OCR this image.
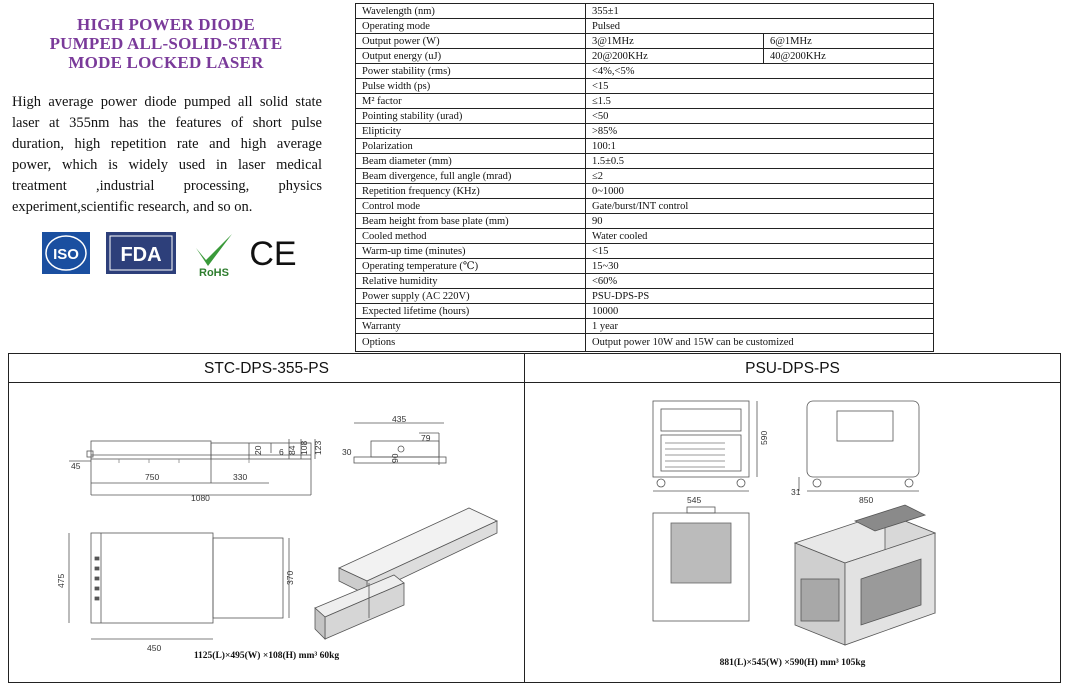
HIGH POWER DIODE
PUMPED ALL-SOLID-STATE
MODE LOCKED LASER
High average power diode pumped all solid state laser at 355nm has the features of short pulse duration, high repetition rate and high average power, which is widely used in laser medical treatment ,industrial processing, physics experiment,scientific research, and so on.
ISO FDA
RoHS CE
Wavelength (nm)	355±1	
Operating mode	Pulsed	
Output power (W)	3@1MHz	6@1MHz
Output energy (uJ)	20@200KHz	40@200KHz
Power stability (rms)	<4%,<5%	
Pulse width (ps)	<15	
M² factor	≤1.5	
Pointing stability (urad)	<50	
Elipticity	>85%	
Polarization	100:1	
Beam diameter (mm)	1.5±0.5	
Beam divergence, full angle (mrad)	≤2	
Repetition frequency (KHz)	0~1000	
Control mode	Gate/burst/INT control	
Beam height from base plate (mm)	90	
Cooled method	Water cooled	
Warm-up time (minutes)	<15	
Operating temperature (℃)	15~30	
Relative humidity	<60%	
Power supply (AC 220V)	PSU-DPS-PS	
Expected lifetime (hours)	10000	
Warranty	1 year	
Options	Output power 10W and 15W can be customized	
STC-DPS-355-PS
45
750	330
1080
20 6 84 108 123
435
79
30
90
475	370
450
1125(L)×495(W) ×108(H) mm³ 60kg
PSU-DPS-PS
545
590
31
850
881(L)×545(W) ×590(H) mm³ 105kg
